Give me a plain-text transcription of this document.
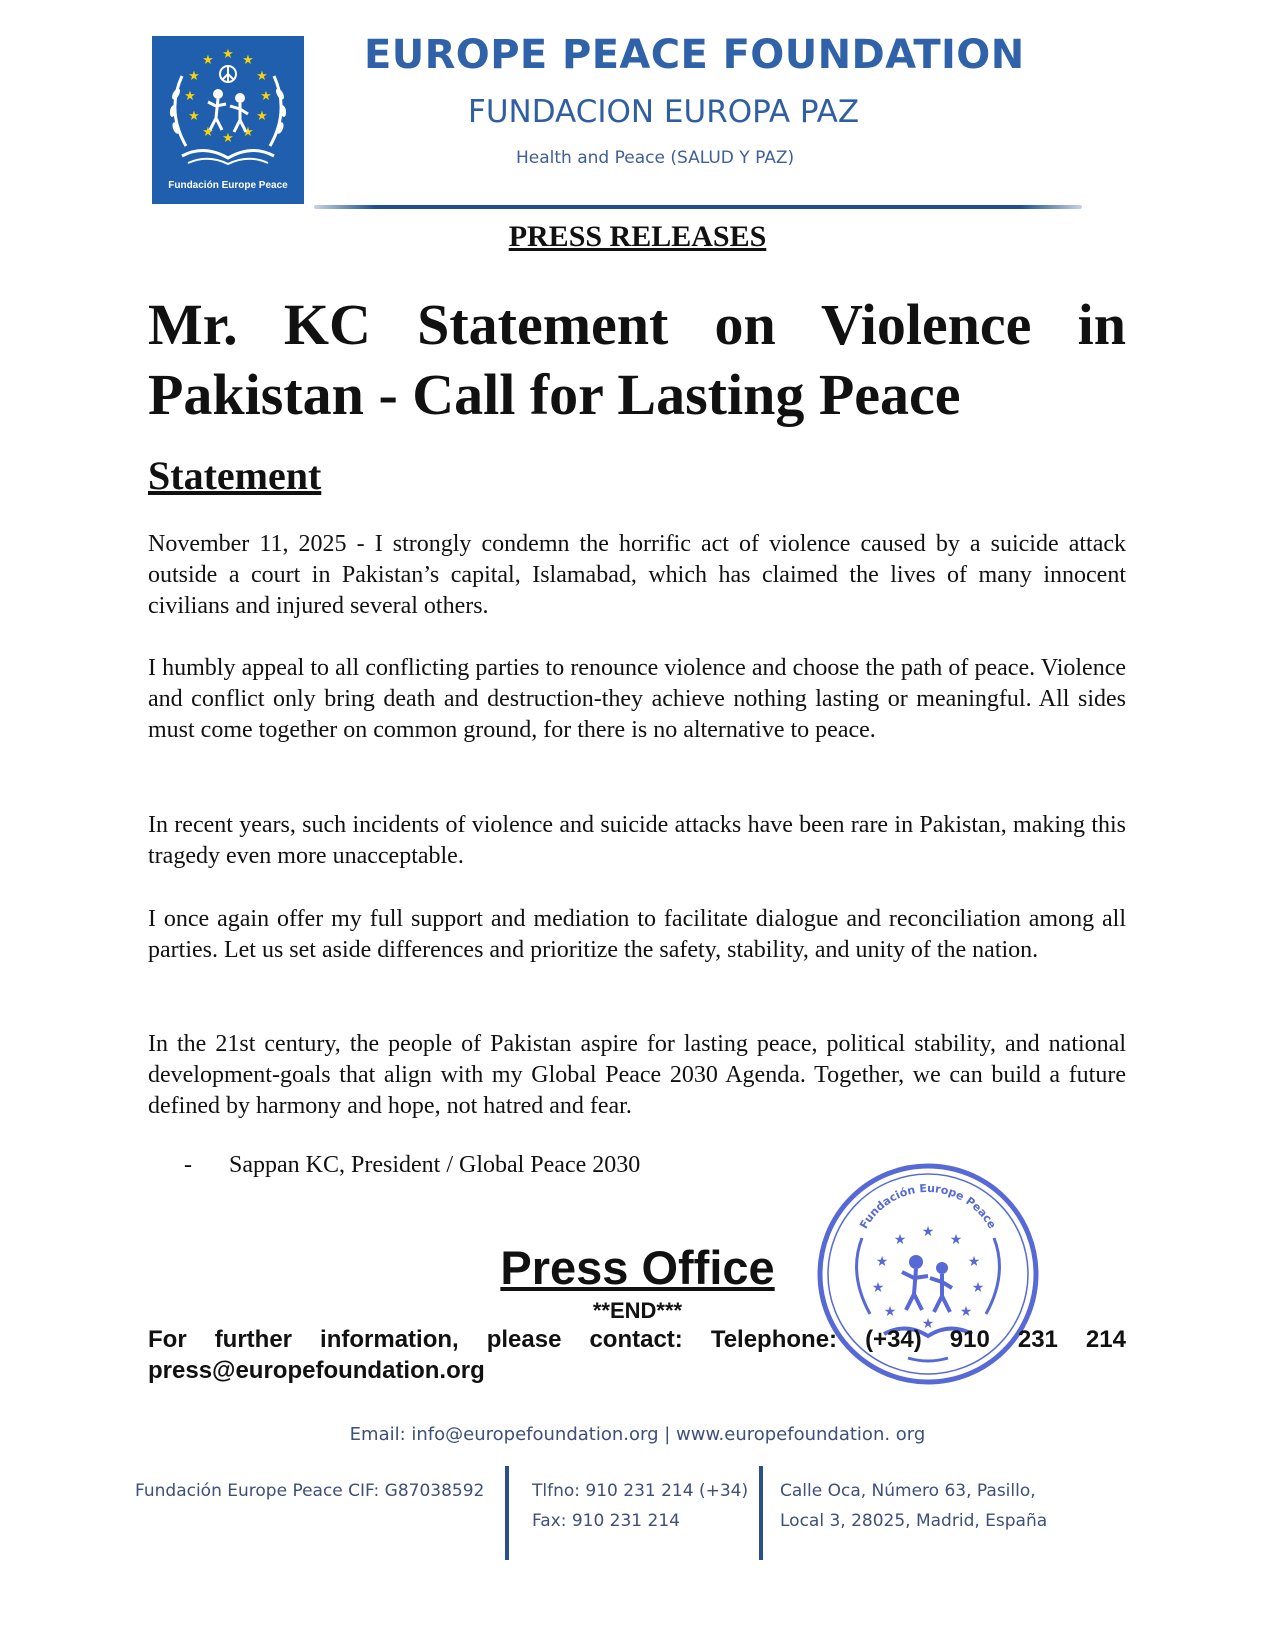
★ ★
★
★
★
★
★
★
★
★
★ ★
Fundación Europe Peace
EUROPE PEACE FOUNDATION
FUNDACION EUROPA PAZ
Health and Peace (SALUD Y PAZ)
PRESS RELEASES
Mr. KC Statement on Violence in Pakistan - Call for Lasting Peace
Statement

November 11, 2025 - I strongly condemn the horrific act of violence caused by a suicide attack outside a court in Pakistan’s capital, Islamabad, which has claimed the lives of many innocent civilians and injured several others.

I humbly appeal to all conflicting parties to renounce violence and choose the path of peace. Violence and conflict only bring death and destruction-they achieve nothing lasting or meaningful. All sides must come together on common ground, for there is no alternative to peace.

In recent years, such incidents of violence and suicide attacks have been rare in Pakistan, making this tragedy even more unacceptable.

I once again offer my full support and mediation to facilitate dialogue and reconciliation among all parties. Let us set aside differences and prioritize the safety, stability, and unity of the nation.

In the 21st century, the people of Pakistan aspire for lasting peace, political stability, and national development-goals that align with my Global Peace 2030 Agenda. Together, we can build a future defined by harmony and hope, not hatred and fear.

-	Sappan KC, President / Global Peace 2030
Fundación Europe Peace
★ ★
★
★
★
★
★
★
★
★
Press Office
**END***
For further information, please contact: Telephone: (+34) 910 231 214
press@europefoundation.org
Email: info@europefoundation.org | www.europefoundation. org
Fundación Europe Peace CIF: G87038592	Tlfno: 910 231 214 (+34)
Fax: 910 231 214
Calle Oca, Número 63, Pasillo,
Local 3, 28025, Madrid, España
